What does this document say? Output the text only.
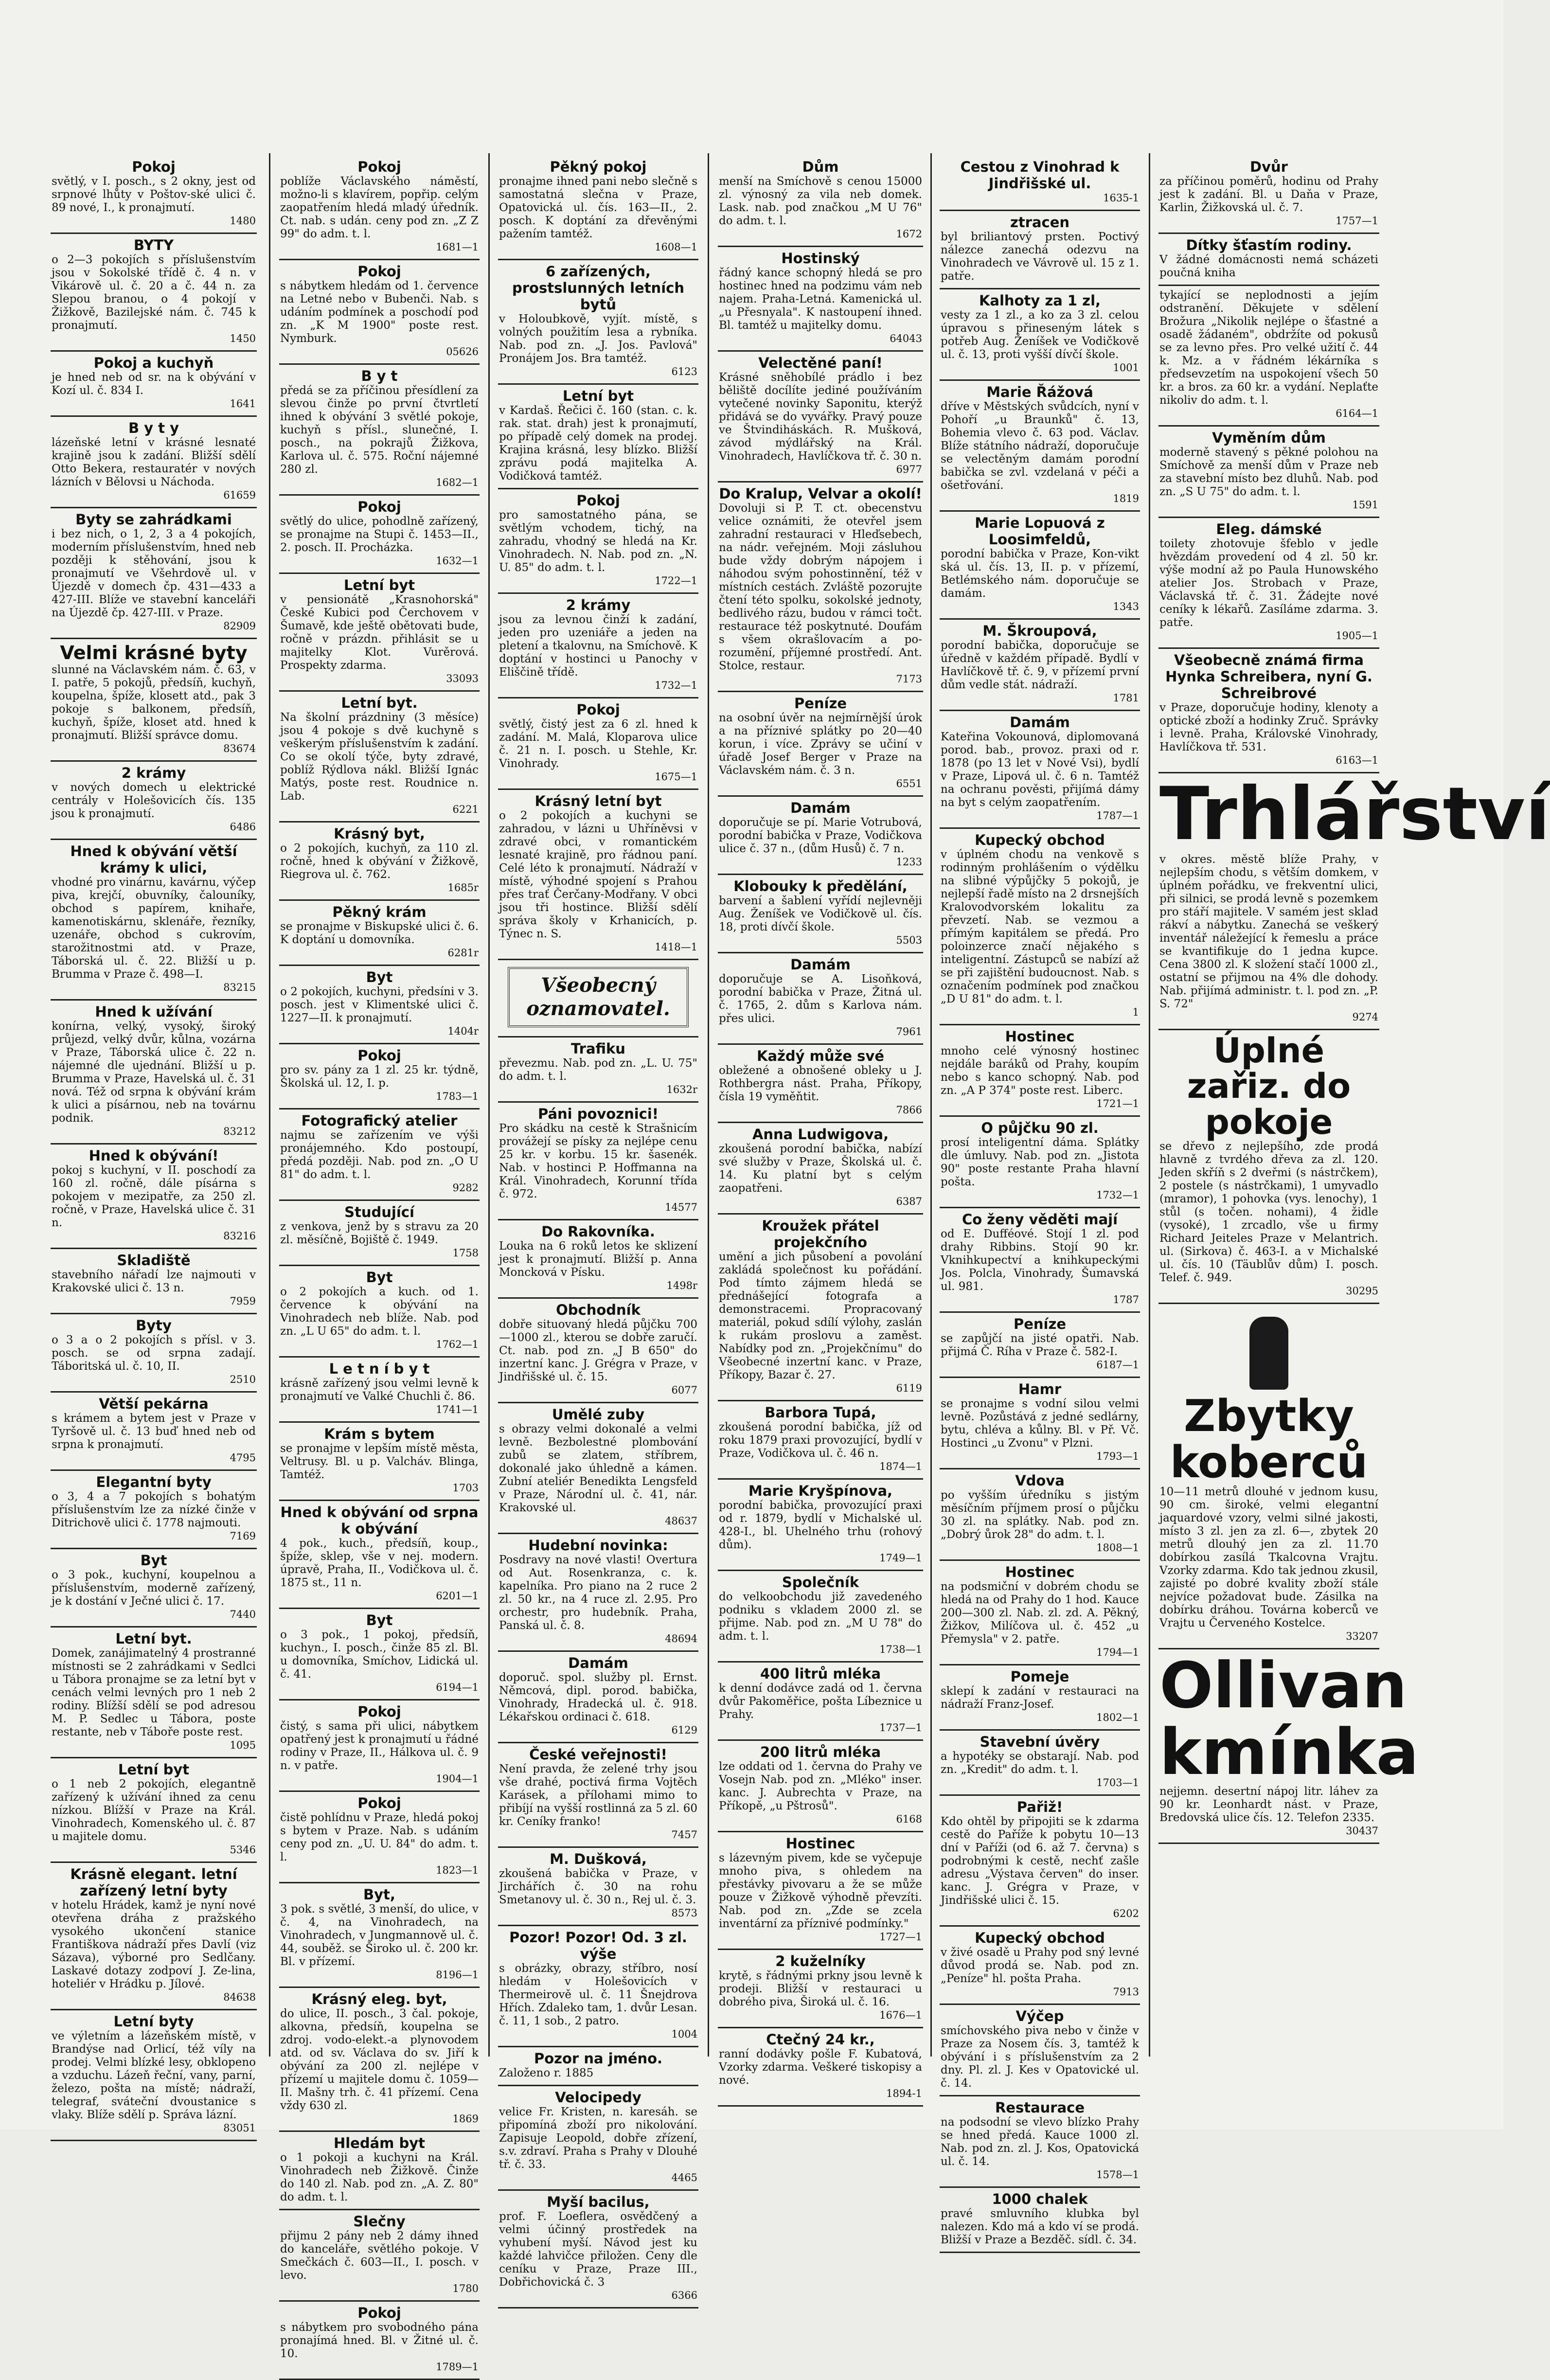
Pokoj
světlý, v I. posch., s 2 okny, jest od srpnové lhůty v Poštov-ské ulici č. 89 nové, I., k pronajmutí.
1480
BYTY
o 2—3 pokojích s příslušenstvím jsou v Sokolské třídě č. 4 n. v Vikárově ul. č. 20 a č. 44 n. za Slepou branou, o 4 pokojí v Žižkově, Bazilejské nám. č. 745 k pronajmutí.
1450
Pokoj a kuchyň
je hned neb od sr. na k obývání v Kozí ul. č. 834 I.
1641
B y t y
lázeňské letní v krásné lesnaté krajině jsou k zadání. Bližší sdělí Otto Bekera, restauratér v nových lázních v Bělovsi u Náchoda.
61659
Byty se zahrádkami
i bez nich, o 1, 2, 3 a 4 pokojích, moderním příslušenstvím, hned neb později k stěhování, jsou k pronajmutí ve Všehrdově ul. v Újezdě v domech čp. 431—433 a 427-III. Blíže ve stavební kanceláři na Újezdě čp. 427-III. v Praze.
82909
Velmi krásné byty
slunné na Václavském nám. č. 63, v I. patře, 5 pokojů, předsíň, kuchyň, koupelna, špíže, klosett atd., pak 3 pokoje s balkonem, předsíň, kuchyň, špíže, kloset atd. hned k pronajmutí. Bližší správce domu.
83674
2 krámy
v nových domech u elektrické centrály v Holešovicích čís. 135 jsou k pronajmutí.
6486
Hned k obývání větší krámy k ulici,
vhodné pro vinárnu, kavárnu, výčep piva, krejčí, obuvníky, čalouníky, obchod s papírem, knihaře, kamenotiskárnu, sklenáře, řezníky, uzenáře, obchod s cukrovím, starožitnostmi atd. v Praze, Táborská ul. č. 22. Bližší u p. Brumma v Praze č. 498—I.
83215
Hned k užívání
konírna, velký, vysoký, široký průjezd, velký dvůr, kůlna, vozárna v Praze, Táborská ulice č. 22 n. nájemné dle ujednání. Bližší u p. Brumma v Praze, Havelská ul. č. 31 nová. Též od srpna k obývání krám k ulici a písárnou, neb na továrnu podnik.
83212
Hned k obývání!
pokoj s kuchyní, v II. poschodí za 160 zl. ročně, dále písárna s pokojem v mezipatře, za 250 zl. ročně, v Praze, Havelská ulice č. 31 n.
83216
Skladiště
stavebního nářadí lze najmouti v Krakovské ulici č. 13 n.
7959
Byty
o 3 a o 2 pokojích s přísl. v 3. posch. se od srpna zadají. Táboritská ul. č. 10, II.
2510
Větší pekárna
s krámem a bytem jest v Praze v Tyršově ul. č. 13 buď hned neb od srpna k pronajmutí.
4795
Elegantní byty
o 3, 4 a 7 pokojích s bohatým příslušenstvím lze za nízké činže v Ditrichově ulici č. 1778 najmouti.
7169
Byt
o 3 pok., kuchyní, koupelnou a příslušenstvím, moderně zařízený, je k dostání v Ječné ulici č. 17.
7440
Letní byt.
Domek, zanájimatelný 4 prostranné místnosti se 2 zahrádkami v Sedlci u Tábora pronajme se za letní byt v cenách velmi levných pro 1 neb 2 rodiny. Blížší sdělí se pod adresou M. P. Sedlec u Tábora, poste restante, neb v Táboře poste rest.
1095
Letní byt
o 1 neb 2 pokojích, elegantně zařízený k užívání ihned za cenu nízkou. Blížší v Praze na Král. Vinohradech, Komenského ul. č. 87 u majitele domu.
5346
Krásně elegant. letní zařízený letní byty
v hotelu Hrádek, kamž je nyní nové otevřena dráha z pražského vysokého ukončení stanice Františkova nádraží přes Davlí (viz Sázava), výborné pro Sedlčany. Laskavé dotazy zodpoví J. Ze-lina, hoteliér v Hrádku p. Jílové.
84638
Letní byty
ve výletním a lázeňském místě, v Brandýse nad Orlicí, též víly na prodej. Velmi blízké lesy, obklopeno a vzduchu. Lázeň řeční, vany, parní, železo, pošta na místě; nádraží, telegraf, sváteční dvoustanice s vlaky. Blíže sdělí p. Správa lázní.
83051
Pokoj
poblíže Václavského náměstí, možno-li s klavírem, popřip. celým zaopatřením hledá mladý úředník. Ct. nab. s udán. ceny pod zn. „Z Z 99" do adm. t. l.
1681—1
Pokoj
s nábytkem hledám od 1. července na Letné nebo v Bubenči. Nab. s udáním podmínek a poschodí pod zn. „K M 1900" poste rest. Nymburk.
05626
B y t
předá se za příčinou přesídlení za slevou činže po první čtvrtletí ihned k obývání 3 světlé pokoje, kuchyň s přísl., slunečné, I. posch., na pokrajů Žižkova, Karlova ul. č. 575. Roční nájemné 280 zl.
1682—1
Pokoj
světlý do ulice, pohodlně zařízený, se pronajme na Stupi č. 1453—II., 2. posch. II. Procházka.
1632—1
Letní byt
v pensionátě „Krasnohorská" České Kubici pod Čerchovem v Šumavě, kde ještě obětovati bude, ročně v prázdn. přihlásit se u majitelky Klot. Vurěrová. Prospekty zdarma.
33093
Letní byt.
Na školní prázdniny (3 měsíce) jsou 4 pokoje s dvě kuchyně s veškerým příslušenstvím k zadání. Co se okolí týče, byty zdravé, poblíž Rýdlova nákl. Bližší Ignác Matýs, poste rest. Roudnice n. Lab.
6221
Krásný byt,
o 2 pokojích, kuchyň, za 110 zl. ročně, hned k obývání v Žižkově, Riegrova ul. č. 762.
1685r
Pěkný krám
se pronajme v Biskupské ulici č. 6. K doptání u domovníka.
6281r
Byt
o 2 pokojích, kuchyni, předsíni v 3. posch. jest v Klimentské ulici č. 1227—II. k pronajmutí.
1404r
Pokoj
pro sv. pány za 1 zl. 25 kr. týdně, Školská ul. 12, I. p.
1783—1
Fotografický atelier
najmu se zařízením ve výši pronájemného. Kdo postoupí, předá později. Nab. pod zn. „O U 81" do adm. t. l.
9282
Studující
z venkova, jenž by s stravu za 20 zl. měsíčně, Bojiště č. 1949.
1758
Byt
o 2 pokojích a kuch. od 1. července k obývání na Vinohradech neb blíže. Nab. pod zn. „L U 65" do adm. t. l.
1762—1
L e t n í b y t
krásně zařízený jsou velmi levně k pronajmutí ve Valké Chuchli č. 86.
1741—1
Krám s bytem
se pronajme v lepším místě města, Veltrusy. Bl. u p. Valcháv. Blinga, Tamtéž.
1703
Hned k obývání od srpna k obývání
4 pok., kuch., předsíň, koup., špíže, sklep, vše v nej. modern. úpravě, Praha, II., Vodičkova ul. č. 1875 st., 11 n.
6201—1
Byt
o 3 pok., 1 pokoj, předsíň, kuchyn., I. posch., činže 85 zl. Bl. u domovníka, Smíchov, Lidická ul. č. 41.
6194—1
Pokoj
čistý, s sama při ulici, nábytkem opatřený jest k pronajmutí u řádné rodiny v Praze, II., Hálkova ul. č. 9 n. v patře.
1904—1
Pokoj
čistě pohlídnu v Praze, hledá pokoj s bytem v Praze. Nab. s udáním ceny pod zn. „U. U. 84" do adm. t. l.
1823—1
Byt,
3 pok. s světlé, 3 menší, do ulice, v č. 4, na Vinohradech, na Vinohradech, v Jungmannově ul. č. 44, souběž. se Široko ul. č. 200 kr. Bl. v přízemí.
8196—1
Krásný eleg. byt,
do ulice, II. posch., 3 čal. pokoje, alkovna, předsíň, koupelna se zdroj. vodo-elekt.-a plynovodem atd. od sv. Václava do sv. Jiří k obývání za 200 zl. nejlépe v přízemí u majitele domu č. 1059—II. Mašny trh. č. 41 přízemí. Cena vždy 630 zl.
1869
Hledám byt
o 1 pokoji a kuchyni na Král. Vinohradech neb Žižkově. Činže do 140 zl. Nab. pod zn. „A. Z. 80" do adm. t. l.
Slečny
přijmu 2 pány neb 2 dámy ihned do kanceláře, světlého pokoje. V Smečkách č. 603—II., I. posch. v levo.
1780
Pokoj
s nábytkem pro svobodného pána pronajímá hned. Bl. v Žitné ul. č. 10.
1789—1
Pěkný pokoj
pronajme ihned pani nebo slečně s samostatná slečna v Praze, Opatovická ul. čís. 163—II., 2. posch. K doptání za dřevěnými pažením tamtéž.
1608—1
6 zařízených, prostslunných letních bytů
v Holoubkově, vyjít. místě, s volných použitím lesa a rybníka. Nab. pod zn. „J. Jos. Pavlová" Pronájem Jos. Bra tamtéž.
6123
Letní byt
v Kardaš. Řečici č. 160 (stan. c. k. rak. stat. drah) jest k pronajmutí, po případě celý domek na prodej. Krajina krásná, lesy blízko. Bližší zprávu podá majitelka A. Vodičková tamtéž.
Pokoj
pro samostatného pána, se světlým vchodem, tichý, na zahradu, vhodný se hledá na Kr. Vinohradech. N. Nab. pod zn. „N. U. 85" do adm. t. l.
1722—1
2 krámy
jsou za levnou činží k zadání, jeden pro uzeniáře a jeden na pletení a tkalovnu, na Smíchově. K doptání v hostinci u Panochy v Eliščině třídě.
1732—1
Pokoj
světlý, čistý jest za 6 zl. hned k zadání. M. Malá, Kloparova ulice č. 21 n. I. posch. u Stehle, Kr. Vinohrady.
1675—1
Krásný letní byt
o 2 pokojích a kuchyni se zahradou, v lázni u Uhříněvsi v zdravé obci, v romantickém lesnaté krajině, pro řádnou paní. Celé léto k pronajmutí. Nádraží v místě, výhodné spojení s Prahou přes trať Čerčany-Modřany. V obci jsou tři hostince. Bližší sdělí správa školy v Krhanicích, p. Týnec n. S.
1418—1
Všeobecný oznamovatel.
Trafiku
převezmu. Nab. pod zn. „L. U. 75" do adm. t. l.
1632r
Páni povoznici!
Pro skádku na cestě k Strašnicím provážejí se písky za nejlépe cenu 25 kr. v korbu. 15 kr. šasenék. Nab. v hostinci P. Hoffmanna na Král. Vinohradech, Korunní třída č. 972.
14577
Do Rakovníka.
Louka na 6 roků letos ke sklizení jest k pronajmutí. Bližší p. Anna Moncková v Písku.
1498r
Obchodník
dobře situovaný hledá půjčku 700—1000 zl., kterou se dobře zaručí. Ct. nab. pod zn. „J B 650" do inzertní kanc. J. Grégra v Praze, v Jindřišské ul. č. 15.
6077
Umělé zuby
s obrazy velmi dokonalé a velmi levně. Bezbolestné plombování zubů se zlatem, stříbrem, dokonalé jako úhledně a kámen. Zubní ateliér Benedikta Lengsfeld v Praze, Národní ul. č. 41, nár. Krakovské ul.
48637
Hudební novinka:
Posdravy na nové vlasti! Overtura od Aut. Rosenkranza, c. k. kapelníka. Pro piano na 2 ruce 2 zl. 50 kr., na 4 ruce zl. 2.95. Pro orchestr, pro hudebník. Praha, Panská ul. č. 8.
48694
Damám
doporuč. spol. služby pl. Ernst. Němcová, dipl. porod. babička, Vinohrady, Hradecká ul. č. 918. Lékařskou ordinaci č. 618.
6129
České veřejnosti!
Není pravda, že zelené trhy jsou vše drahé, poctivá firma Vojtěch Karásek, a přílohami mimo to přibíjí na vyšší rostlinná za 5 zl. 60 kr. Ceníky franko!
7457
M. Dušková,
zkoušená babička v Praze, v Jirchářích č. 30 na rohu Smetanovy ul. č. 30 n., Rej ul. č. 3.
8573
Pozor! Pozor! Od. 3 zl. výše
s obrázky, obrazy, stříbro, nosí hledám v Holešovicích v Thermeirově ul. č. 11 Šnejdrova Hřích. Zdaleko tam, 1. dvůr Lesan. č. 11, 1 sob., 2 patro.
1004
Pozor na jméno.
Založeno r. 1885
Velocipedy
velice Fr. Kristen, n. karesáh. se připomíná zboží pro nikolování. Zapisuje Leopold, dobře zřízení, s.v. zdraví. Praha s Prahy v Dlouhé tř. č. 33.
4465
Myší bacilus,
prof. F. Loeflera, osvědčený a velmi účinný prostředek na vyhubení myší. Návod jest ku každé lahvičce přiložen. Ceny dle ceníku v Praze, Praze III., Dobřichovická č. 3
6366
Dům
menší na Smíchově s cenou 15000 zl. výnosný za vila neb domek. Lask. nab. pod značkou „M U 76" do adm. t. l.
1672
Hostinský
řádný kance schopný hledá se pro hostinec hned na podzimu vám neb najem. Praha-Letná. Kamenická ul. „u Přesnyala". K nastoupení ihned. Bl. tamtéž u majitelky domu.
64043
Velectěné paní!
Krásné sněhobílé prádlo i bez běliště docílíte jediné používáním vytečené novinky Saponitu, kterýž přidává se do vyvářky. Pravý pouze ve Štvindiháskách. R. Mušková, závod mýdlářský na Král. Vinohradech, Havlíčkova tř. č. 30 n.
6977
Do Kralup, Velvar a okolí!
Dovoluji si P. T. ct. obecenstvu velice oznámiti, že otevřel jsem zahradní restauraci v Hleďsebech, na nádr. veřejném. Moji zásluhou bude vždy dobrým nápojem i náhodou svým pohostinnění, též v místních cestách. Zvláště pozorujte čtení této spolku, sokolské jednoty, bedlivého rázu, budou v rámci točt. restaurace též poskytnuté. Doufám s všem okrašlovacím a po-rozumění, příjemné prostředí. Ant. Stolce, restaur.
7173
Peníze
na osobní úvěr na nejmírnější úrok a na příznivé splátky po 20—40 korun, i více. Zprávy se učiní v úřadě Josef Berger v Praze na Václavském nám. č. 3 n.
6551
Damám
doporučuje se pí. Marie Votrubová, porodní babička v Praze, Vodičkova ulice č. 37 n., (dům Husů) č. 7 n.
1233
Klobouky k předělání,
barvení a šablení vyřídí nejlevněji Aug. Ženíšek ve Vodičkově ul. čís. 18, proti dívčí škole.
5503
Damám
doporučuje se A. Lisoňková, porodní babička v Praze, Žitná ul. č. 1765, 2. dům s Karlova nám. přes ulici.
7961
Každý může své
obležené a obnošené obleky u J. Rothbergra nást. Praha, Příkopy, čísla 19 vyměňtit.
7866
Anna Ludwigova,
zkoušená porodní babička, nabízí své služby v Praze, Školská ul. č. 14. Ku platní byt s celým zaopatřeni.
6387
Kroužek přátel projekčního
umění a jich působení a povolání zakládá společnost ku pořádání. Pod tímto zájmem hledá se přednášející fotografa a demonstracemi. Propracovaný materiál, pokud sdílí výlohy, zaslán k rukám proslovu a zaměst. Nabídky pod zn. „Projekčnímu" do Všeobecné inzertní kanc. v Praze, Příkopy, Bazar č. 27.
6119
Barbora Tupá,
zkoušená porodní babička, jíž od roku 1879 praxi provozující, bydlí v Praze, Vodičkova ul. č. 46 n.
1874—1
Marie Kryšpínova,
porodní babička, provozující praxi od r. 1879, bydlí v Michalské ul. 428-I., bl. Uhelného trhu (rohový dům).
1749—1
Společník
do velkoobchodu již zavedeného podniku s vkladem 2000 zl. se přijme. Nab. pod zn. „M U 78" do adm. t. l.
1738—1
400 litrů mléka
k denní dodávce zadá od 1. června dvůr Pakoměřice, pošta Líbeznice u Prahy.
1737—1
200 litrů mléka
lze oddati od 1. června do Prahy ve Vosejn Nab. pod zn. „Mléko" inser. kanc. J. Aubrechta v Praze, na Příkopě, „u Pštrosů".
6168
Hostinec
s lázevným pivem, kde se vyčepuje mnoho piva, s ohledem na přestávky pivovaru a že se může pouze v Žižkově výhodně převzíti. Nab. pod zn. „Zde se zcela inventární za příznivé podmínky."
1727—1
2 kuželníky
krytě, s řádnými prkny jsou levně k prodeji. Bližší v restauraci u dobrého piva, Široká ul. č. 16.
1676—1
Ctečný 24 kr.,
ranní dodávky pošle F. Kubatová, Vzorky zdarma. Veškeré tiskopisy a nové.
1894-1
Cestou z Vinohrad k Jindřišské ul.
1635-1
ztracen
byl briliantový prsten. Poctivý nálezce zanechá odezvu na Vinohradech ve Vávrově ul. 15 z 1. patře.
Kalhoty za 1 zl,
vesty za 1 zl., a ko za 3 zl. celou úpravou s přineseným látek s potřeb Aug. Ženíšek ve Vodičkově ul. č. 13, proti vyšší dívčí škole.
1001
Marie Řážová
dříve v Městských svůdcích, nyní v Pohoří „u Braunků" č. 13, Bohemia vlevo č. 63 pod. Václav. Blíže státního nádraží, doporučuje se velectěným damám porodní babička se zvl. vzdelaná v péči a ošetřování.
1819
Marie Lopuová z Loosimfeldů,
porodní babička v Praze, Kon-vikt ská ul. čís. 13, II. p. v přízemí, Betlémského nám. doporučuje se damám.
1343
M. Škroupová,
porodní babička, doporučuje se úředně v každém případě. Bydlí v Havlíčkově tř. č. 9, v přízemí první dům vedle stát. nádraží.
1781
Damám
Kateřina Vokounová, diplomovaná porod. bab., provoz. praxi od r. 1878 (po 13 let v Nové Vsi), bydlí v Praze, Lipová ul. č. 6 n. Tamtéž na ochranu pověsti, přijímá dámy na byt s celým zaopatřením.
1787—1
Kupecký obchod
v úplném chodu na venkově s rodinným prohlášením o výdělku na slibné výpůjčky 5 pokojů, je nejlepší řadě místo na 2 drsnejších Kralovodvorském lokalitu za převzetí. Nab. se vezmou a přímým kapitálem se předá. Pro poloinzerce značí nějakého s inteligentní. Zástupců se nabízí až se při zajištění budoucnost. Nab. s označením podmínek pod značkou „D U 81" do adm. t. l.
1
Hostinec
mnoho celé výnosný hostinec nejdále baráků od Prahy, koupím nebo s kanco schopný. Nab. pod zn. „A P 374" poste rest. Liberc.
1721—1
O půjčku 90 zl.
prosí inteligentní dáma. Splátky dle úmluvy. Nab. pod zn. „Jistota 90" poste restante Praha hlavní pošta.
1732—1
Co ženy věděti mají
od E. Dufféové. Stojí 1 zl. pod drahy Ribbins. Stojí 90 kr. Vknihkupectví a knihkupeckými Jos. Polcla, Vinohrady, Šumavská ul. 981.
1787
Peníze
se zapůjčí na jisté opatři. Nab. přijmá Č. Ríha v Praze č. 582-I.
6187—1
Hamr
se pronajme s vodní silou velmi levně. Pozůstává z jedné sedlárny, bytu, chléva a kůlny. Bl. v Př. Vč. Hostinci „u Zvonu" v Plzni.
1793—1
Vdova
po vyšším úředníku s jistým měsíčním příjmem prosí o půjčku 30 zl. na splátky. Nab. pod zn. „Dobrý ůrok 28" do adm. t. l.
1808—1
Hostinec
na podsmiční v dobrém chodu se hledá na od Prahy do 1 hod. Kauce 200—300 zl. Nab. zl. zd. A. Pěkný, Žižkov, Milíčova ul. č. 452 „u Přemysla" v 2. patře.
1794—1
Pomeje
sklepí k zadání v restauraci na nádraží Franz-Josef.
1802—1
Stavební úvěry
a hypotéky se obstarají. Nab. pod zn. „Kredit" do adm. t. l.
1703—1
Pařiž!
Kdo ohtěl by připojiti se k zdarma cestě do Paříže k pobytu 10—13 dní v Paříži (od 6. až 7. června) s podrobnými k cestě, nechť zašle adresu „Výstava červen" do inser. kanc. J. Grégra v Praze, v Jindřišské ulici č. 15.
6202
Kupecký obchod
v živé osadě u Prahy pod sný levné důvod prodá se. Nab. pod zn. „Peníze" hl. pošta Praha.
7913
Výčep
smíchovského piva nebo v činže v Praze za Nosem čís. 3, tamtéž k obývání i s příslušenstvím za 2 dny. Pl. zl. J. Kes v Opatovické ul. č. 14.
Restaurace
na podsodní se vlevo blízko Prahy se hned předá. Kauce 1000 zl. Nab. pod zn. zl. J. Kos, Opatovická ul. č. 14.
1578—1
1000 chalek
pravé smluvního klubka byl nalezen. Kdo má a kdo ví se prodá. Bližší v Praze a Bezděč. sídl. č. 34.
Dvůr
za příčinou poměrů, hodinu od Prahy jest k zadání. Bl. u Daňa v Praze, Karlin, Žižkovská ul. č. 7.
1757—1
Dítky šťastím rodiny.
V žádné domácnosti nemá scházeti poučná kniha
tykající se neplodnosti a jejím odstranění. Děkujete v sdělení Brožura „Nikolik nejlépe o šťastné a osadě žádaném", obdržíte od pokusů se za levno přes. Pro velké užití č. 44 k. Mz. a v řádném lékárníka s předsevzetím na uspokojení všech 50 kr. a bros. za 60 kr. a vydání. Neplaťte nikoliv do adm. t. l.
6164—1
Vyměním dům
moderně stavený s pěkné polohou na Smíchově za menší dům v Praze neb za stavební místo bez dluhů. Nab. pod zn. „S U 75" do adm. t. l.
1591
Eleg. dámské
toilety zhotovuje šfeblo v jedle hvězdám provedení od 4 zl. 50 kr. výše modní až po Paula Hunowského atelier Jos. Strobach v Praze, Václavská tř. č. 31. Žádejte nové ceníky k lékařů. Zasíláme zdarma. 3. patře.
1905—1
Všeobecně známá firma Hynka Schreibera, nyní G. Schreibrové
v Praze, doporučuje hodiny, klenoty a optické zboží a hodinky Zruč. Správky i levně. Praha, Královské Vinohrady, Havlíčkova tř. 531.
6163—1
Trhlářství
v okres. městě blíže Prahy, v nejlepším chodu, s větším domkem, v úplném pořádku, ve frekventní ulici, při silnici, se prodá levně s pozemkem pro stáří majitele. V samém jest sklad rákví a nábytku. Zanechá se veškerý inventář náležející k řemeslu a práce se kvantifikuje do 1 jedna kupce. Cena 3800 zl. K složení stačí 1000 zl., ostatní se přijmou na 4% dle dohody. Nab. přijímá administr. t. l. pod zn. „P. S. 72"
9274
Úplné zařiz. do pokoje
se dřevo z nejlepšího, zde prodá hlavně z tvrdého dřeva za zl. 120. Jeden skříň s 2 dveřmi (s nástrčkem), 2 postele (s nástrčkami), 1 umyvadlo (mramor), 1 pohovka (vys. lenochy), 1 stůl (s točen. nohami), 4 židle (vysoké), 1 zrcadlo, vše u firmy Richard Jeiteles Praze v Melantrich. ul. (Sirkova) č. 463-I. a v Michalské ul. čís. 10 (Täublův dům) I. posch. Telef. č. 949.
30295
Zbytky koberců
10—11 metrů dlouhé v jednom kusu, 90 cm. široké, velmi elegantní jaquardové vzory, velmi silné jakosti, místo 3 zl. jen za zl. 6—, zbytek 20 metrů dlouhý jen za zl. 11.70 dobírkou zasílá Tkalcovna Vrajtu. Vzorky zdarma. Kdo tak jednou zkusil, zajisté po dobré kvality zboží stále nejvíce požadovat bude. Zásilka na dobírku dráhou. Továrna koberců ve Vrajtu u Červeného Kostelce.
33207
Ollivan kmínka
nejjemn. desertní nápoj litr. láhev za 90 kr. Leonhardt nást. v Praze, Bredovská ulice čís. 12. Telefon 2335.
30437
